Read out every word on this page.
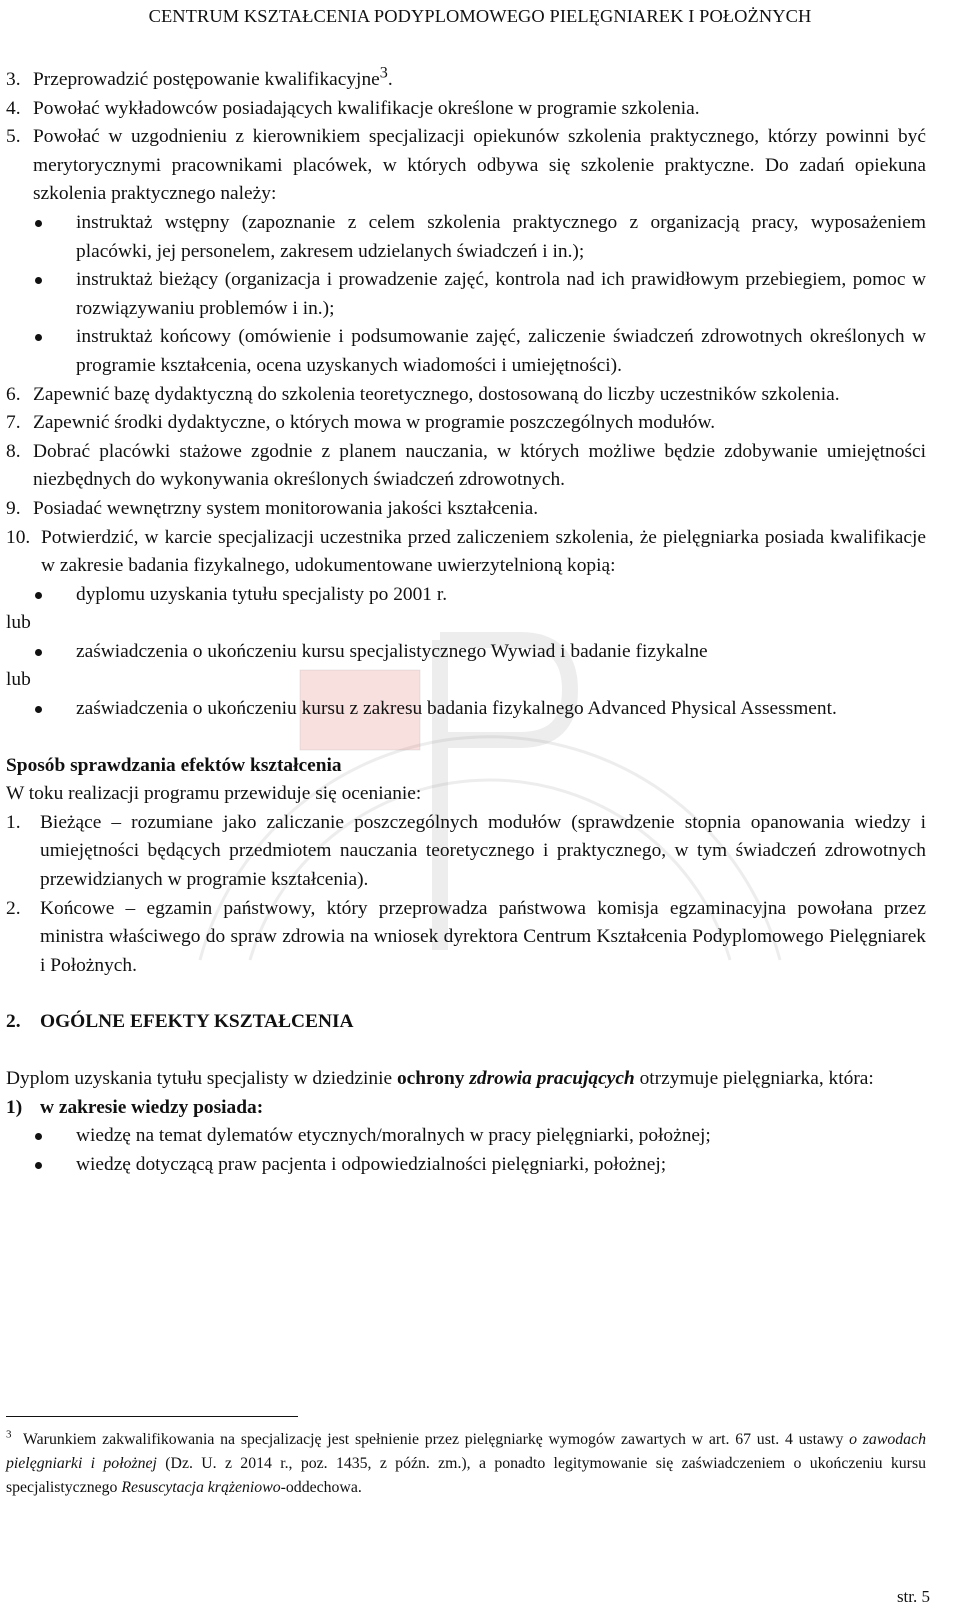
CENTRUM KSZTAŁCENIA PODYPLOMOWEGO PIELĘGNIAREK I POŁOŻNYCH
3. Przeprowadzić postępowanie kwalifikacyjne$^3$.
4. Powołać wykładowców posiadających kwalifikacje określone w programie szkolenia.
5. Powołać w uzgodnieniu z kierownikiem specjalizacji opiekunów szkolenia praktycznego, którzy powinni być merytorycznymi pracownikami placówek, w których odbywa się szkolenie praktyczne. Do zadań opiekuna szkolenia praktycznego należy:
instruktaż wstępny (zapoznanie z celem szkolenia praktycznego z organizacją pracy, wyposażeniem placówki, jej personelem, zakresem udzielanych świadczeń i in.);
instruktaż bieżący (organizacja i prowadzenie zajęć, kontrola nad ich prawidłowym przebiegiem, pomoc w rozwiązywaniu problemów i in.);
instruktaż końcowy (omówienie i podsumowanie zajęć, zaliczenie świadczeń zdrowotnych określonych w programie kształcenia, ocena uzyskanych wiadomości i umiejętności).
6. Zapewnić bazę dydaktyczną do szkolenia teoretycznego, dostosowaną do liczby uczestników szkolenia.
7. Zapewnić środki dydaktyczne, o których mowa w programie poszczególnych modułów.
8. Dobrać placówki stażowe zgodnie z planem nauczania, w których możliwe będzie zdobywanie umiejętności niezbędnych do wykonywania określonych świadczeń zdrowotnych.
9. Posiadać wewnętrzny system monitorowania jakości kształcenia.
10. Potwierdzić, w karcie specjalizacji uczestnika przed zaliczeniem szkolenia, że pielęgniarka posiada kwalifikacje w zakresie badania fizykalnego, udokumentowane uwierzytelnioną kopią:
dyplomu uzyskania tytułu specjalisty po 2001 r.

lub

zaświadczenia o ukończeniu kursu specjalistycznego Wywiad i badanie fizykalne

lub

zaświadczenia o ukończeniu kursu z zakresu badania fizykalnego Advanced Physical Assessment.

Sposób sprawdzania efektów kształcenia

W toku realizacji programu przewiduje się ocenianie:

1.	Bieżące – rozumiane jako zaliczanie poszczególnych modułów (sprawdzenie stopnia opanowania wiedzy i umiejętności będących przedmiotem nauczania teoretycznego i praktycznego, w tym świadczeń zdrowotnych przewidzianych w programie kształcenia).
2.	Końcowe – egzamin państwowy, który przeprowadza państwowa komisja egzaminacyjna powołana przez ministra właściwego do spraw zdrowia na wniosek dyrektora Centrum Kształcenia Podyplomowego Pielęgniarek i Położnych.
2.	OGÓLNE EFEKTY KSZTAŁCENIA

Dyplom uzyskania tytułu specjalisty w dziedzinie ochrony zdrowia pracujących otrzymuje pielęgniarka, która:

1) w zakresie wiedzy posiada:
wiedzę na temat dylematów etycznych/moralnych w pracy pielęgniarki, położnej;
wiedzę dotyczącą praw pacjenta i odpowiedzialności pielęgniarki, położnej;
$^3$ Warunkiem zakwalifikowania na specjalizację jest spełnienie przez pielęgniarkę wymogów zawartych w art. 67 ust. 4 ustawy o zawodach pielęgniarki i położnej (Dz. U. z 2014 r., poz. 1435, z późn. zm.), a ponadto legitymowanie się zaświadczeniem o ukończeniu kursu specjalistycznego Resuscytacja krążeniowo-oddechowa.
str. 5
